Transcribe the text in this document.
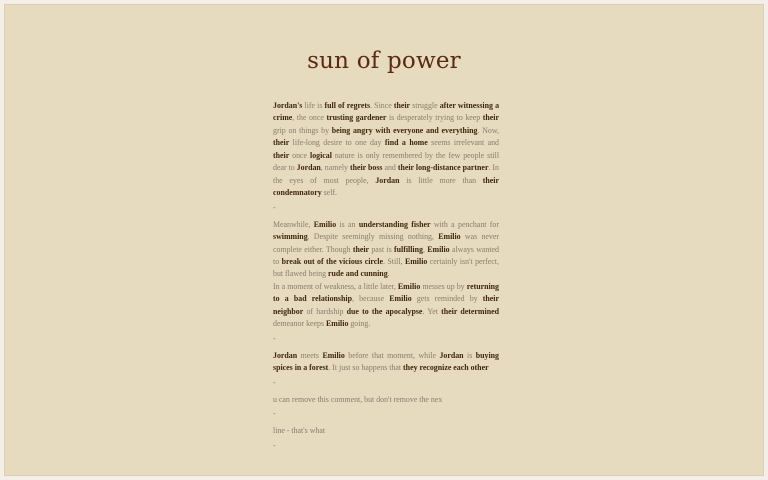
sun of power

Jordan's life is full of regrets. Since their struggle after witnessing a crime, the once trusting gardener is desperately trying to keep their grip on things by being angry with everyone and everything. Now, their life-long desire to one day find a home seems irrelevant and their once logical nature is only remembered by the few people still dear to Jordan, namely their boss and their long-distance partner. In the eyes of most people, Jordan is little more than their condemnatory self.

-

Meanwhile, Emilio is an understanding fisher with a penchant for swimming. Despite seemingly missing nothing, Emilio was never complete either. Though their past is fulfilling, Emilio always wanted to break out of the vicious circle. Still, Emilio certainly isn't perfect, but flawed being rude and cunning.

In a moment of weakness, a little later, Emilio messes up by returning to a bad relationship, because Emilio gets reminded by their neighbor of hardship due to the apocalypse. Yet their determined demeanor keeps Emilio going.

-

Jordan meets Emilio before that moment, while Jordan is buying spices in a forest. It just so happens that they recognize each other

-

u can remove this comment, but don't remove the nex

-

line - that's what

-
